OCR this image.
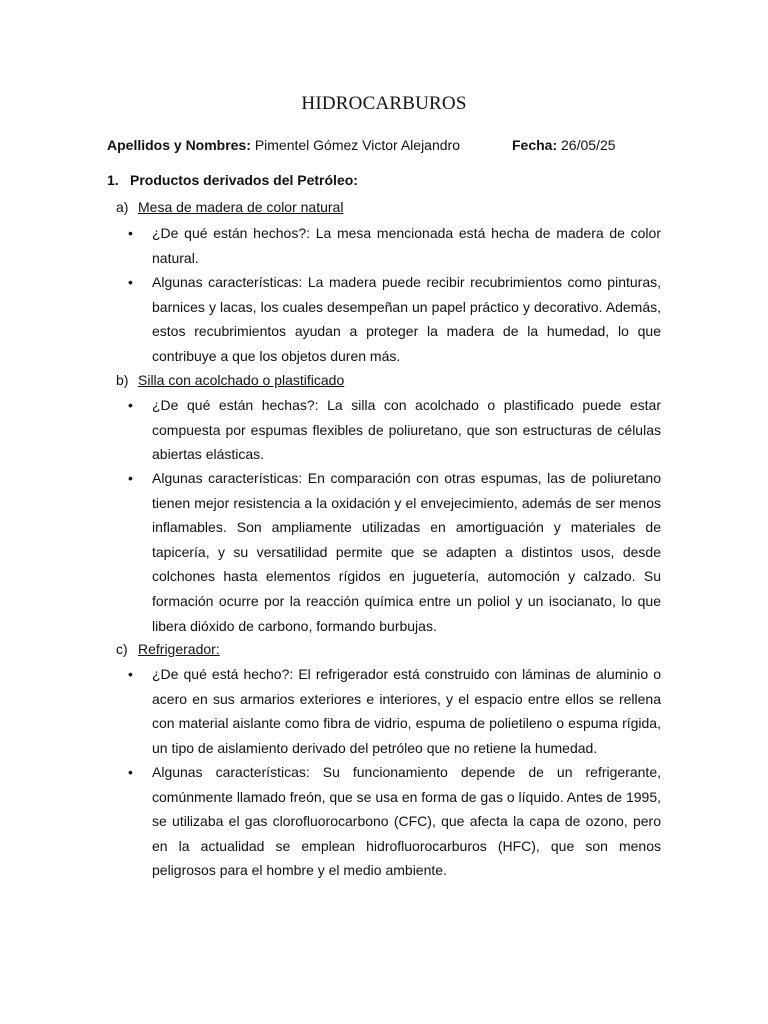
HIDROCARBUROS
Apellidos y Nombres: Pimentel Gómez Victor Alejandro	Fecha: 26/05/25
1. Productos derivados del Petróleo:
a) Mesa de madera de color natural
• ¿De qué están hechos?: La mesa mencionada está hecha de madera de color natural.
• Algunas características: La madera puede recibir recubrimientos como pinturas, barnices y lacas, los cuales desempeñan un papel práctico y decorativo. Además, estos recubrimientos ayudan a proteger la madera de la humedad, lo que contribuye a que los objetos duren más.
b) Silla con acolchado o plastificado
• ¿De qué están hechas?: La silla con acolchado o plastificado puede estar compuesta por espumas flexibles de poliuretano, que son estructuras de células abiertas elásticas.
• Algunas características: En comparación con otras espumas, las de poliuretano tienen mejor resistencia a la oxidación y el envejecimiento, además de ser menos inflamables. Son ampliamente utilizadas en amortiguación y materiales de tapicería, y su versatilidad permite que se adapten a distintos usos, desde colchones hasta elementos rígidos en juguetería, automoción y calzado. Su formación ocurre por la reacción química entre un poliol y un isocianato, lo que libera dióxido de carbono, formando burbujas.
c) Refrigerador:
• ¿De qué está hecho?: El refrigerador está construido con láminas de aluminio o acero en sus armarios exteriores e interiores, y el espacio entre ellos se rellena con material aislante como fibra de vidrio, espuma de polietileno o espuma rígida, un tipo de aislamiento derivado del petróleo que no retiene la humedad.
• Algunas características: Su funcionamiento depende de un refrigerante, comúnmente llamado freón, que se usa en forma de gas o líquido. Antes de 1995, se utilizaba el gas clorofluorocarbono (CFC), que afecta la capa de ozono, pero en la actualidad se emplean hidrofluorocarburos (HFC), que son menos peligrosos para el hombre y el medio ambiente.
